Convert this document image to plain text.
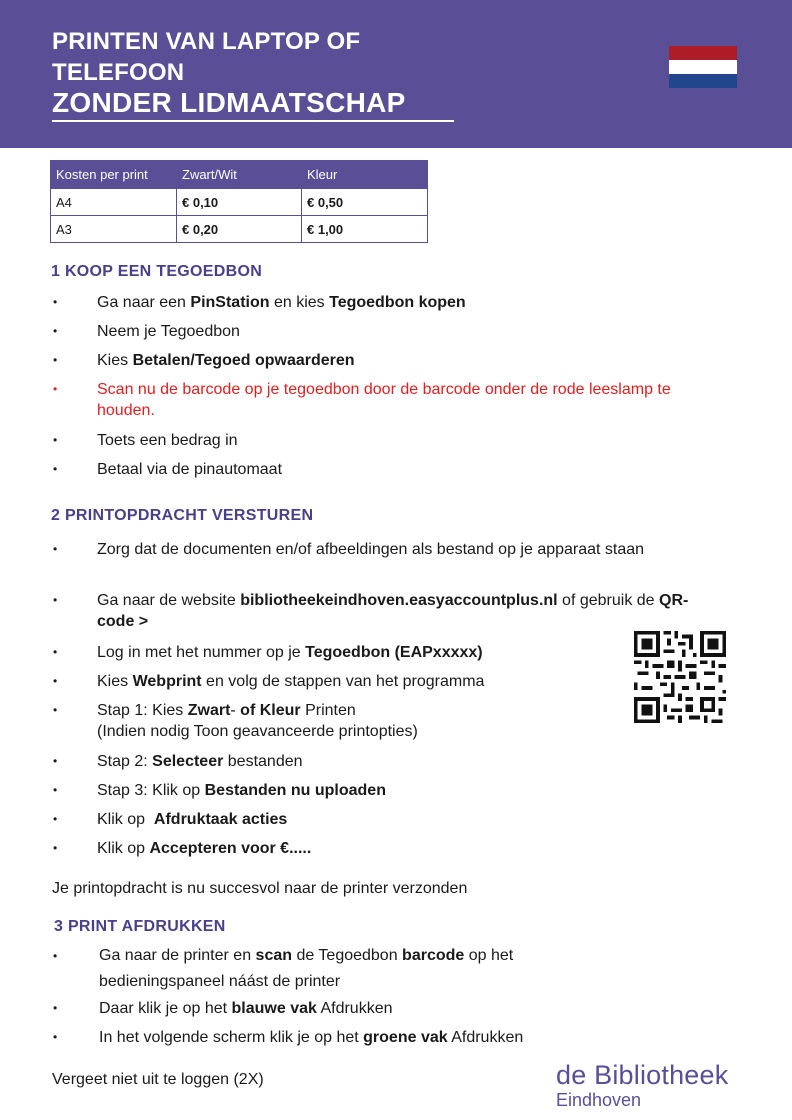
PRINTEN VAN LAPTOP OF TELEFOON
ZONDER LIDMAATSCHAP
Kosten per print	Zwart/Wit	Kleur
A4	€ 0,10	€ 0,50
A3	€ 0,20	€ 1,00
1 KOOP EEN TEGOEDBON
• Ga naar een PinStation en kies Tegoedbon kopen
• Neem je Tegoedbon
• Kies Betalen/Tegoed opwaarderen
• Scan nu de barcode op je tegoedbon door de barcode onder de rode leeslamp te houden.
• Toets een bedrag in
• Betaal via de pinautomaat
2 PRINTOPDRACHT VERSTUREN
• Zorg dat de documenten en/of afbeeldingen als bestand op je apparaat staan
• Ga naar de website bibliotheekeindhoven.easyaccountplus.nl of gebruik de QR-code >
• Log in met het nummer op je Tegoedbon (EAPxxxxx)
• Kies Webprint en volg de stappen van het programma
• Stap 1: Kies Zwart- of Kleur Printen
(Indien nodig Toon geavanceerde printopties)
• Stap 2: Selecteer bestanden
• Stap 3: Klik op Bestanden nu uploaden
• Klik op  Afdruktaak acties
• Klik op Accepteren voor €.....
Je printopdracht is nu succesvol naar de printer verzonden
3 PRINT AFDRUKKEN
• Ga naar de printer en scan de Tegoedbon barcode op het
bedieningspaneel náást de printer
• Daar klik je op het blauwe vak Afdrukken
• In het volgende scherm klik je op het groene vak Afdrukken
Vergeet niet uit te loggen (2X)	de Bibliotheek
Eindhoven
